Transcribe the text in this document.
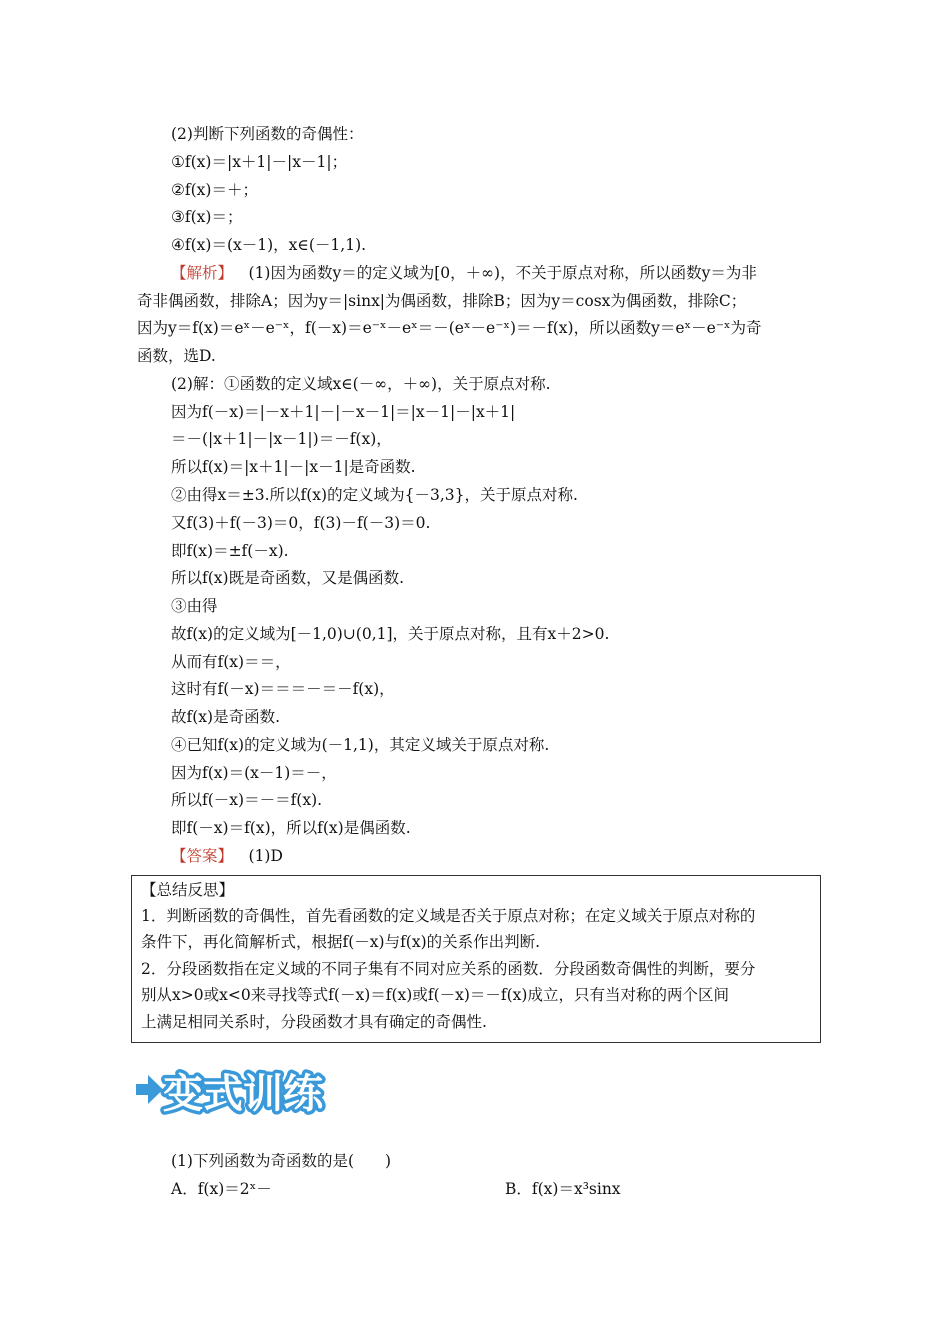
(2)判断下列函数的奇偶性：
①f(x)＝|x＋1|－|x－1|；
②f(x)＝＋；
③f(x)＝；
④f(x)＝(x－1)，x∈(－1,1).
【解析】  (1)因为函数y＝的定义域为[0，＋∞)，不关于原点对称，所以函数y＝为非
奇非偶函数，排除A；因为y＝|sinx|为偶函数，排除B；因为y＝cosx为偶函数，排除C；
因为y＝f(x)＝eˣ－e⁻ˣ，f(－x)＝e⁻ˣ－eˣ＝－(eˣ－e⁻ˣ)＝－f(x)，所以函数y＝eˣ－e⁻ˣ为奇
函数，选D.
(2)解：①函数的定义域x∈(－∞，＋∞)，关于原点对称.
因为f(－x)＝|－x＋1|－|－x－1|＝|x－1|－|x＋1|
＝－(|x＋1|－|x－1|)＝－f(x)，
所以f(x)＝|x＋1|－|x－1|是奇函数.
②由得x＝±3.所以f(x)的定义域为{－3,3}，关于原点对称.
又f(3)＋f(－3)＝0，f(3)－f(－3)＝0.
即f(x)＝±f(－x).
所以f(x)既是奇函数，又是偶函数.
③由得
故f(x)的定义域为[－1,0)∪(0,1]，关于原点对称，且有x＋2>0.
从而有f(x)＝＝，
这时有f(－x)＝＝＝－＝－f(x)，
故f(x)是奇函数.
④已知f(x)的定义域为(－1,1)，其定义域关于原点对称.
因为f(x)＝(x－1)＝－，
所以f(－x)＝－＝f(x).
即f(－x)＝f(x)，所以f(x)是偶函数.
【答案】  (1)D
【总结反思】
1．判断函数的奇偶性，首先看函数的定义域是否关于原点对称；在定义域关于原点对称的
条件下，再化简解析式，根据f(－x)与f(x)的关系作出判断.
2．分段函数指在定义域的不同子集有不同对应关系的函数．分段函数奇偶性的判断，要分
别从x>0或x<0来寻找等式f(－x)＝f(x)或f(－x)＝－f(x)成立，只有当对称的两个区间
上满足相同关系时，分段函数才具有确定的奇偶性.
变式训练
(1)下列函数为奇函数的是(　　)
A．f(x)＝2ˣ－	B．f(x)＝x³sinx
